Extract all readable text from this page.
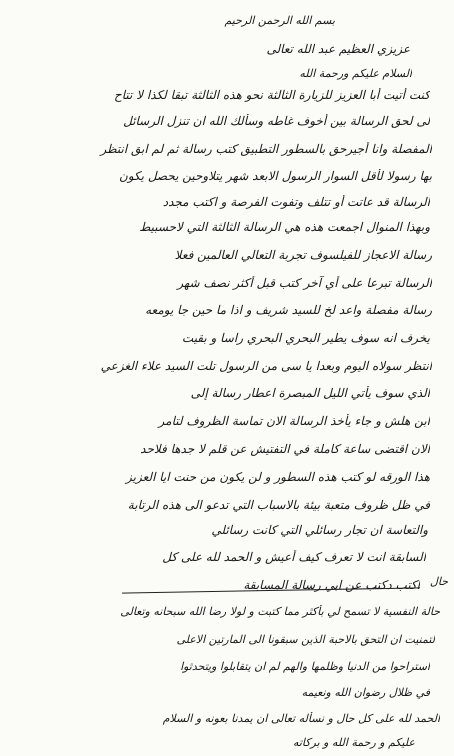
بسم الله الرحمن الرحيم
عزيزي العظيم عبد الله تعالى
السلام عليكم ورحمة الله
كنت أتيت أبا العزيز للزيارة الثالثة نحو هذه الثالثة تبقا لكذا لا تتاح
لى لحق الرسالة بين أخوف غاطه وسألك الله ان تنزل الرسائل
المفصلة وانا أجيرحق بالسطور التطبيق كتب رسالة ثم لم ابق انتظر
بها رسولا لأقل السوار الرسول الابعد شهر يتلاوحين يحصل يكون
الرسالة قد عاتت أو تتلف وتفوت الفرصة و اكتب مجدد
وبهذا المنوال اجمعت هذه هي الرسالة الثالثة التي لاحسبيط
رسالة الاعجاز للفيلسوف تجربة التعالي العالمين فعلا
الرسالة تبرعا على أي آخر كتب قبل أكثر نصف شهر
رسالة مفصلة واعد لخ للسيد شريف و اذا ما حين جا يومعه
يخرف انه سوف يطير البحري البحري راسا و بقيت
انتظر سولاه اليوم وبعدا يا سى من الرسول تلت السيد علاء الغزعي
الذي سوف يأتي الليل المبصرة اعطار رسالة إلى
ابن هلش و جاء يأخذ الرسالة الان تماسة الظروف لتامر
الان اقتضى ساعة كاملة في التفتيش عن قلم لا جدها فلاحد
هذا الورقه لو كتب هذه السطور و لن يكون من حنت ايا العزيز
في ظل ظروف متعبة بيئة بالاسباب التي تدعو الى هذه الرتابة
والتعاسة ان تجار رسائلي التي كانت رسائلي
السابقة انت لا تعرف كيف أعيش و الحمد لله على كل
حال
اكتب دكتب عن ابي رسالة المسابقة
حالة النفسية لا تسمح لي بأكثر مما كتبت و لولا رضا الله سبحانه وتعالى
لتمنيت ان التحق بالاحبة الذين سبقونا الى المارتين الاعلى
استراحوا من الدنيا وظلمها والهم لم ان يتقابلوا ويتحدثوا
في ظلال رضوان الله ونعيمه
الحمد لله على كل حال و نسأله تعالى ان يمدنا بعونه و السلام
عليكم و رحمة الله و بركاته
